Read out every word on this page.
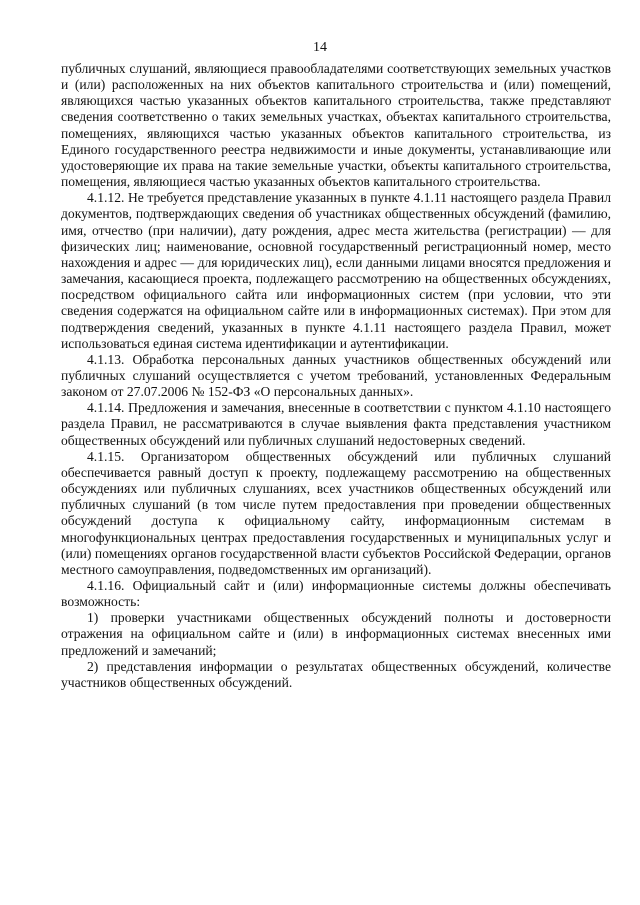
14

публичных слушаний, являющиеся правообладателями соответствующих земельных участков и (или) расположенных на них объектов капитального строительства и (или) помещений, являющихся частью указанных объектов капитального строительства, также представляют сведения соответственно о таких земельных участках, объектах капитального строительства, помещениях, являющихся частью указанных объектов капитального строительства, из Единого государственного реестра недвижимости и иные документы, устанавливающие или удостоверяющие их права на такие земельные участки, объекты капитального строительства, помещения, являющиеся частью указанных объектов капитального строительства.

4.1.12. Не требуется представление указанных в пункте 4.1.11 настоящего раздела Правил документов, подтверждающих сведения об участниках общественных обсуждений (фамилию, имя, отчество (при наличии), дату рождения, адрес места жительства (регистрации) — для физических лиц; наименование, основной государственный регистрационный номер, место нахождения и адрес — для юридических лиц), если данными лицами вносятся предложения и замечания, касающиеся проекта, подлежащего рассмотрению на общественных обсуждениях, посредством официального сайта или информационных систем (при условии, что эти сведения содержатся на официальном сайте или в информационных системах). При этом для подтверждения сведений, указанных в пункте 4.1.11 настоящего раздела Правил, может использоваться единая система идентификации и аутентификации.

4.1.13. Обработка персональных данных участников общественных обсуждений или публичных слушаний осуществляется с учетом требований, установленных Федеральным законом от 27.07.2006 № 152-ФЗ «О персональных данных».

4.1.14. Предложения и замечания, внесенные в соответствии с пунктом 4.1.10 настоящего раздела Правил, не рассматриваются в случае выявления факта представления участником общественных обсуждений или публичных слушаний недостоверных сведений.

4.1.15. Организатором общественных обсуждений или публичных слушаний обеспечивается равный доступ к проекту, подлежащему рассмотрению на общественных обсуждениях или публичных слушаниях, всех участников общественных обсуждений или публичных слушаний (в том числе путем предоставления при проведении общественных обсуждений доступа к официальному сайту, информационным системам в многофункциональных центрах предоставления государственных и муниципальных услуг и (или) помещениях органов государственной власти субъектов Российской Федерации, органов местного самоуправления, подведомственных им организаций).

4.1.16. Официальный сайт и (или) информационные системы должны обеспечивать возможность:

1) проверки участниками общественных обсуждений полноты и достоверности отражения на официальном сайте и (или) в информационных системах внесенных ими предложений и замечаний;

2) представления информации о результатах общественных обсуждений, количестве участников общественных обсуждений.
